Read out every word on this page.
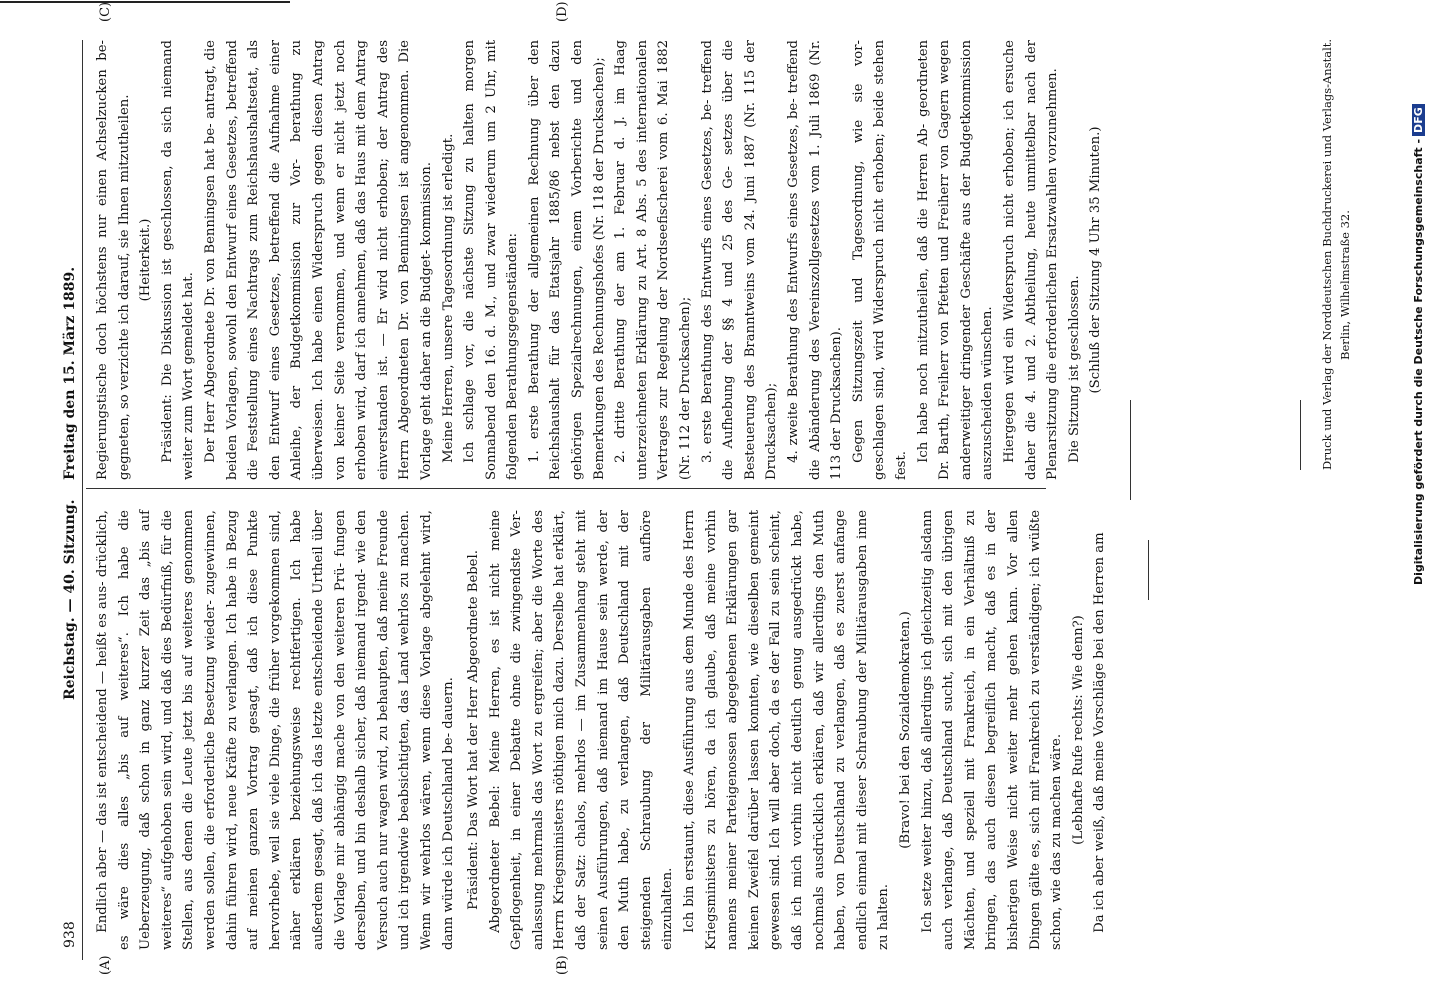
938
Reichstag. — 40. Sitzung.
Freitag den 15. März 1889.
(A)	(B)
(C)	(D)

Endlich aber — das ist entscheidend — heißt es aus- drücklich, es wäre dies alles „bis auf weiteres“. Ich habe die Ueberzeugung, daß schon in ganz kurzer Zeit das „bis auf weiteres“ aufgehoben sein wird, und daß dies Bedürfniß, für die Stellen, aus denen die Leute jetzt bis auf weiteres genommen werden sollen, die erforderliche Besetzung wieder- zugewinnen, dahin führen wird, neue Kräfte zu verlangen. Ich habe in Bezug auf meinen ganzen Vortrag gesagt, daß ich diese Punkte hervorhebe, weil sie viele Dinge, die früher vorgekommen sind, näher erklären beziehungsweise rechtfertigen. Ich habe außerdem gesagt, daß ich das letzte entscheidende Urtheil über die Vorlage mir abhängig mache von den weiteren Prü- fungen derselben, und bin deshalb sicher, daß niemand irgend- wie den Versuch auch nur wagen wird, zu behaupten, daß meine Freunde und ich irgendwie beabsichtigten, das Land wehrlos zu machen. Wenn wir wehrlos wären, wenn diese Vorlage abgelehnt wird, dann würde ich Deutschland be- dauern. Präsident: Das Wort hat der Herr Abgeordnete Bebel. Abgeordneter Bebel: Meine Herren, es ist nicht meine Gepflogenheit, in einer Debatte ohne die zwingendste Ver- anlassung mehrmals das Wort zu ergreifen; aber die Worte des Herrn Kriegsministers nöthigen mich dazu. Derselbe hat erklärt, daß der Satz: chalos, mehrlos — im Zusammenhang steht mit seinen Ausführungen, daß niemand im Hause sein werde, der den Muth habe, zu verlangen, daß Deutschland mit der steigenden Schraubung der Militärausgaben aufhöre einzuhalten. Ich bin erstaunt, diese Ausführung aus dem Munde des Herrn Kriegsministers zu hören, da ich glaube, daß meine vorhin namens meiner Parteigenossen abgegebenen Erklärungen gar keinen Zweifel darüber lassen konnten, wie dieselben gemeint gewesen sind. Ich will aber doch, da es der Fall zu sein scheint, daß ich mich vorhin nicht deutlich genug ausgedrückt habe, nochmals ausdrücklich erklären, daß wir allerdings den Muth haben, von Deutschland zu verlangen, daß es zuerst anfange endlich einmal mit dieser Schraubung der Militärausgaben inne zu halten.

(Bravo! bei den Sozialdemokraten.) Ich setze weiter hinzu, daß allerdings ich gleichzeitig alsdann auch verlange, daß Deutschland sucht, sich mit den übrigen Mächten, und speziell mit Frankreich, in ein Verhältniß zu bringen, das auch diesen begreiflich macht, daß es in der bisherigen Weise nicht weiter mehr gehen kann. Vor allen Dingen gälte es, sich mit Frankreich zu verständigen; ich wüßte schon, wie das zu machen wäre. (Lebhafte Rufe rechts: Wie denn?) Da ich aber weiß, daß meine Vorschläge bei den Herren am

Regierungstische doch höchstens nur einen Achselzucken be- gegneten, so verzichte ich darauf, sie Ihnen mitzutheilen. (Heiterkeit.) Präsident: Die Diskussion ist geschlossen, da sich niemand weiter zum Wort gemeldet hat. Der Herr Abgeordnete Dr. von Benningsen hat be- antragt, die beiden Vorlagen, sowohl den Entwurf eines Gesetzes, betreffend die Feststellung eines Nachtrags zum Reichshaushaltsetat, als den Entwurf eines Gesetzes, betreffend die Aufnahme einer Anleihe, der Budgetkommission zur Vor- berathung zu überweisen. Ich habe einen Widerspruch gegen diesen Antrag von keiner Seite vernommen, und wenn er nicht jetzt noch erhoben wird, darf ich annehmen, daß das Haus mit dem Antrag einverstanden ist. — Er wird nicht erhoben; der Antrag des Herrn Abgeordneten Dr. von Benningsen ist angenommen. Die Vorlage geht daher an die Budget- kommission. Meine Herren, unsere Tagesordnung ist erledigt. Ich schlage vor, die nächste Sitzung zu halten morgen Sonnabend den 16. d. M., und zwar wiederum um 2 Uhr, mit folgenden Berathungsgegenständen: 1. erste Berathung der allgemeinen Rechnung über den Reichshaushalt für das Etatsjahr 1885/86 nebst den dazu gehörigen Spezialrechnungen, einem Vorberichte und den Bemerkungen des Rechnungshofes (Nr. 118 der Drucksachen); 2. dritte Berathung der am 1. Februar d. J. im Haag unterzeichneten Erklärung zu Art. 8 Abs. 5 des internationalen Vertrages zur Regelung der Nordseefischerei vom 6. Mai 1882 (Nr. 112 der Drucksachen); 3. erste Berathung des Entwurfs eines Gesetzes, be- treffend die Aufhebung der §§ 4 und 25 des Ge- setzes über die Besteuerung des Branntweins vom 24. Juni 1887 (Nr. 115 der Drucksachen); 4. zweite Berathung des Entwurfs eines Gesetzes, be- treffend die Abänderung des Vereinszollgesetzes vom 1. Juli 1869 (Nr. 113 der Drucksachen). Gegen Sitzungszeit und Tagesordnung, wie sie vor- geschlagen sind, wird Widerspruch nicht erhoben; beide stehen fest.

Ich habe noch mitzutheilen, daß die Herren Ab- geordneten Dr. Barth, Freiherr von Pfetten und Freiherr von Gagern wegen anderweitiger dringender Geschäfte aus der Budgetkommission auszuscheiden wünschen. Hiergegen wird ein Widerspruch nicht erhoben; ich ersuche daher die 4. und 2. Abtheilung, heute unmittelbar nach der Plenarsitzung die erforderlichen Ersatzwahlen vorzunehmen. Die Sitzung ist geschlossen. (Schluß der Sitzung 4 Uhr 35 Minuten.)	Druck und Verlag der Norddeutschen Buchdruckerei und Verlags-Anstalt. Berlin, Wilhelmstraße 32.	Digitalisierung gefördert durch die Deutsche Forschungsgemeinschaft -DFG
